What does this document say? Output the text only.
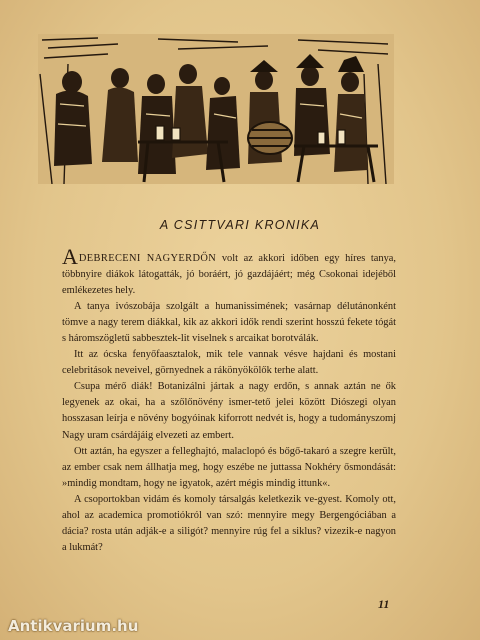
A CSITTVARI KRONIKA

ADEBRECENI NAGYERDŐN volt az akkori időben egy híres tanya, többnyire diákok látogatták, jó boráért, jó gazdájáért; még Csokonai idejéből emlékezetes hely.

A tanya ivószobája szolgált a humanissimének; vasárnap délutánonként tömve a nagy terem diákkal, kik az akkori idők rendi szerint hosszú fekete tógát s háromszögletű sabbesztek-lit viselnek s arcaikat borotválák.

Itt az ócska fenyőfaasztalok, mik tele vannak vésve hajdani és mostani celebritások neveivel, görnyednek a rákönyökölők terhe alatt.

Csupa mérő diák! Botanizálni jártak a nagy erdőn, s annak aztán ne ők legyenek az okai, ha a szőlőnövény ismer-tető jelei között Diószegi olyan hosszasan leírja e növény bogyóinak kiforrott nedvét is, hogy a tudományszomj Nagy uram csárdájáig elvezeti az embert.

Ott aztán, ha egyszer a felleghajtó, malaclopó és bőgő-takaró a szegre került, az ember csak nem állhatja meg, hogy eszébe ne juttassa Nokhéry ősmondását: »mindig mondtam, hogy ne igyatok, azért mégis mindig ittunk«.

A csoportokban vidám és komoly társalgás keletkezik ve-gyest. Komoly ott, ahol az academica promotiókról van szó: mennyire megy Bergengóciában a dácia? rosta után adják-e a siligót? mennyire rúg fel a siklus? vizezik-e nagyon a lukmát?

11
Antikvarium.hu
